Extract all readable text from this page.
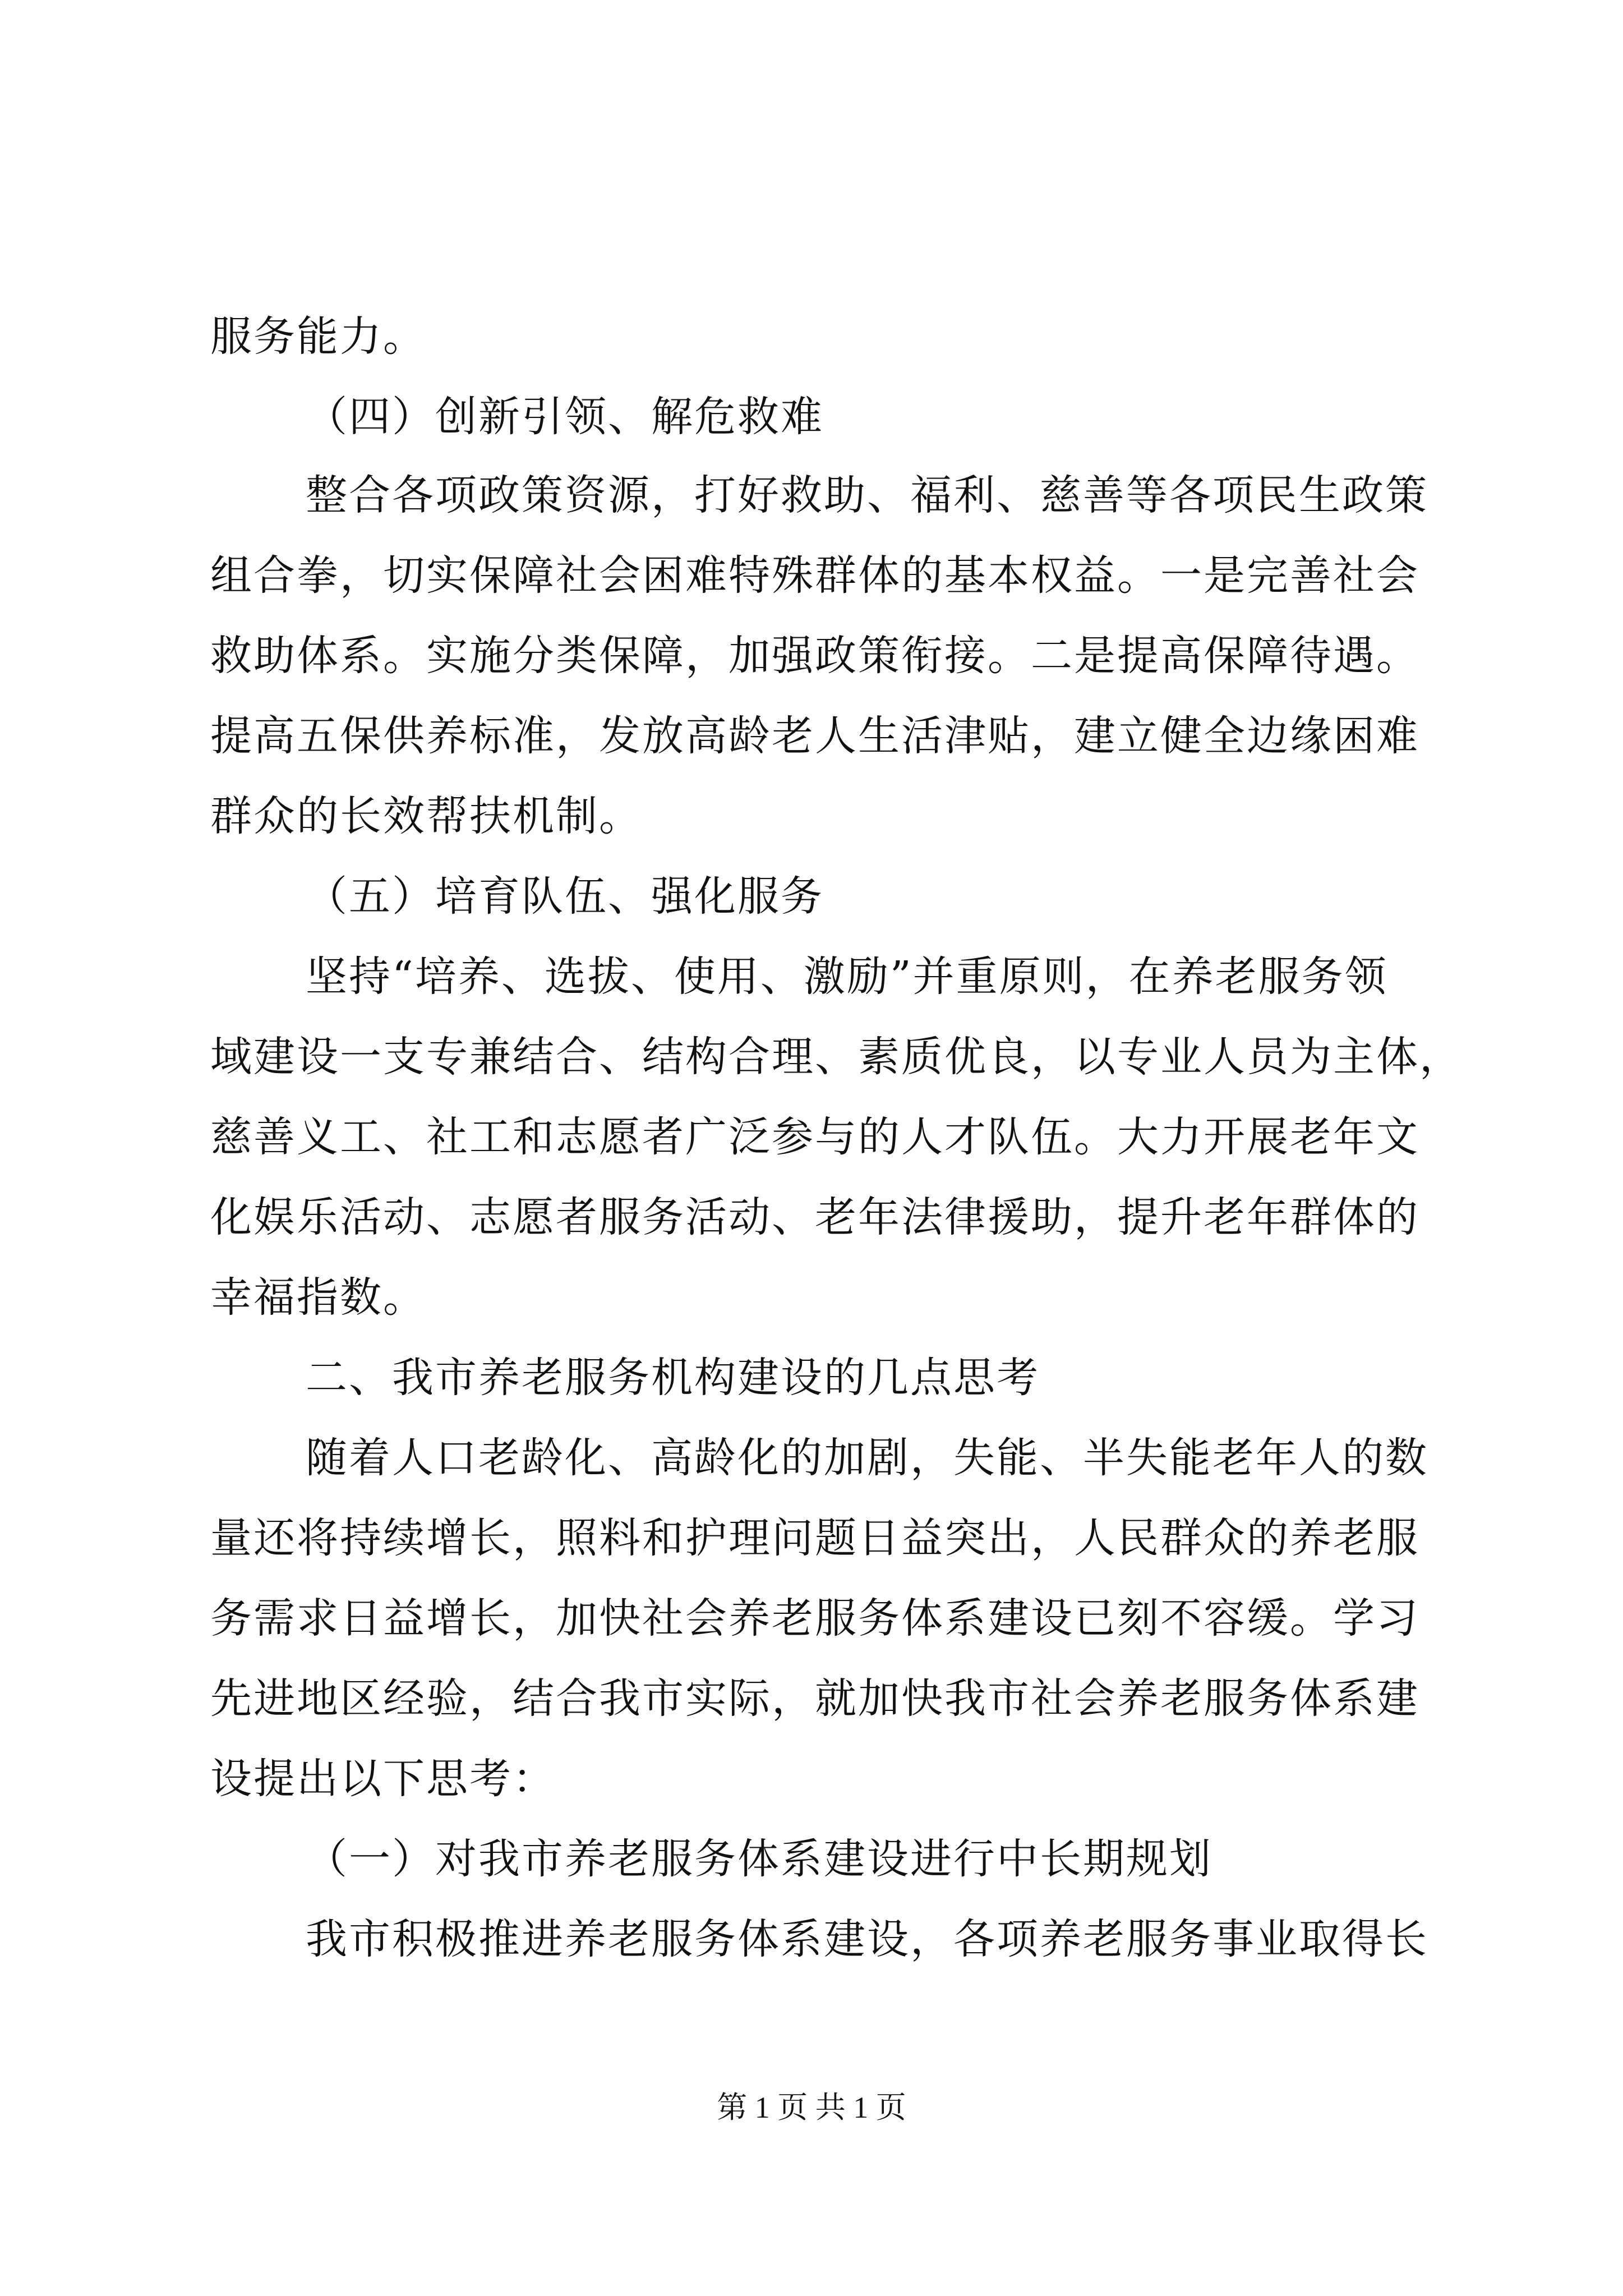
服务能力。
（四）创新引领、解危救难
整合各项政策资源，打好救助、福利、慈善等各项民生政策
组合拳，切实保障社会困难特殊群体的基本权益。一是完善社会
救助体系。实施分类保障，加强政策衔接。二是提高保障待遇。
提高五保供养标准，发放高龄老人生活津贴，建立健全边缘困难
群众的长效帮扶机制。
（五）培育队伍、强化服务
坚持“培养、选拔、使用、激励”并重原则，在养老服务领
域建设一支专兼结合、结构合理、素质优良，以专业人员为主体，
慈善义工、社工和志愿者广泛参与的人才队伍。大力开展老年文
化娱乐活动、志愿者服务活动、老年法律援助，提升老年群体的
幸福指数。
二、我市养老服务机构建设的几点思考
随着人口老龄化、高龄化的加剧，失能、半失能老年人的数
量还将持续增长，照料和护理问题日益突出，人民群众的养老服
务需求日益增长，加快社会养老服务体系建设已刻不容缓。学习
先进地区经验，结合我市实际，就加快我市社会养老服务体系建
设提出以下思考：
（一）对我市养老服务体系建设进行中长期规划
我市积极推进养老服务体系建设，各项养老服务事业取得长
第 1 页 共 1 页
